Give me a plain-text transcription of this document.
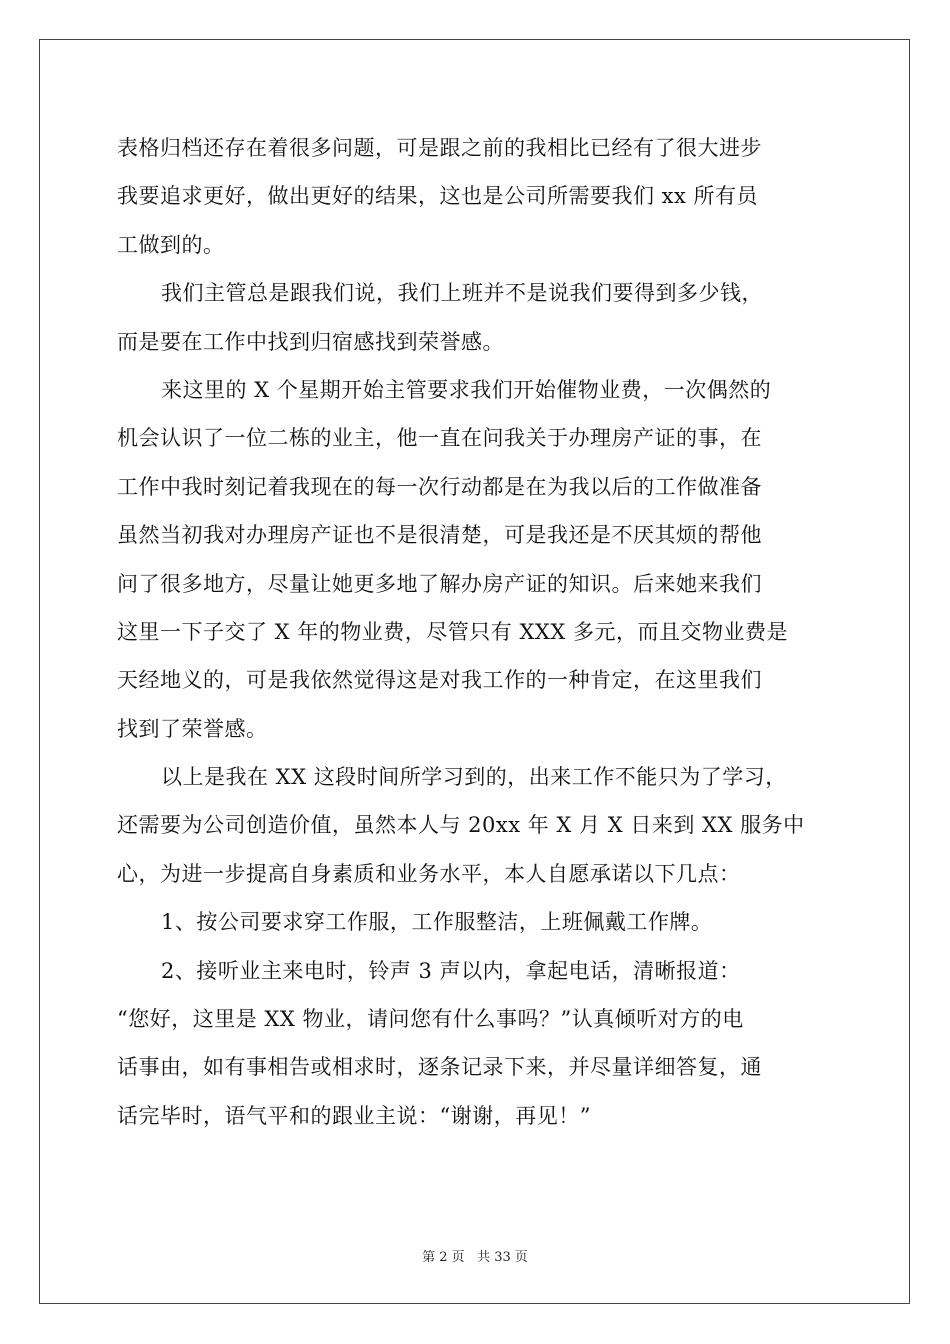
表格归档还存在着很多问题，可是跟之前的我相比已经有了很大进步
我要追求更好，做出更好的结果，这也是公司所需要我们 xx 所有员
工做到的。
我们主管总是跟我们说，我们上班并不是说我们要得到多少钱，
而是要在工作中找到归宿感找到荣誉感。
来这里的 X 个星期开始主管要求我们开始催物业费，一次偶然的
机会认识了一位二栋的业主，他一直在问我关于办理房产证的事，在
工作中我时刻记着我现在的每一次行动都是在为我以后的工作做准备
虽然当初我对办理房产证也不是很清楚，可是我还是不厌其烦的帮他
问了很多地方，尽量让她更多地了解办房产证的知识。后来她来我们
这里一下子交了 X 年的物业费，尽管只有 XXX 多元，而且交物业费是
天经地义的，可是我依然觉得这是对我工作的一种肯定，在这里我们
找到了荣誉感。
以上是我在 XX 这段时间所学习到的，出来工作不能只为了学习，
还需要为公司创造价值，虽然本人与 20xx 年 X 月 X 日来到 XX 服务中
心，为进一步提高自身素质和业务水平，本人自愿承诺以下几点：
1、按公司要求穿工作服，工作服整洁，上班佩戴工作牌。
2、接听业主来电时，铃声 3 声以内，拿起电话，清晰报道：
“您好，这里是 XX 物业，请问您有什么事吗？”认真倾听对方的电
话事由，如有事相告或相求时，逐条记录下来，并尽量详细答复，通
话完毕时，语气平和的跟业主说：“谢谢，再见！”
第 2 页 共 33 页
